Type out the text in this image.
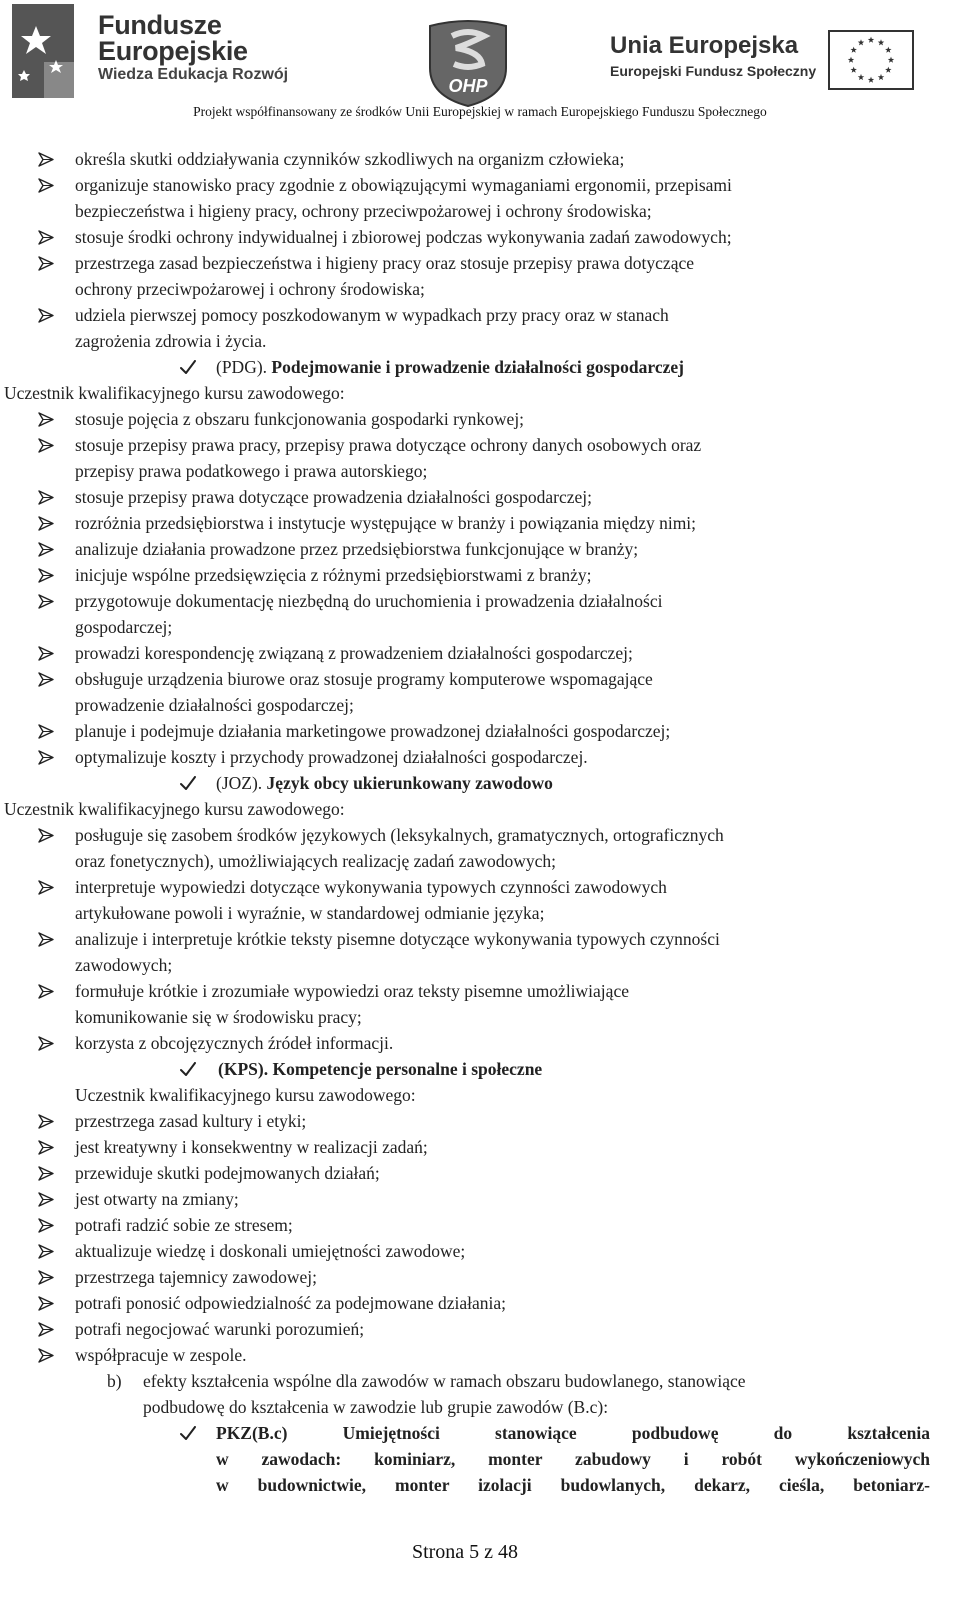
Fundusze
Europejskie
Wiedza Edukacja Rozwój
OHP
Unia Europejska
Europejski Fundusz Społeczny
Projekt współfinansowany ze środków Unii Europejskiej w ramach Europejskiego Funduszu Społecznego
określa skutki oddziaływania czynników szkodliwych na organizm człowieka;
organizuje stanowisko pracy zgodnie z obowiązującymi wymaganiami ergonomii, przepisami
bezpieczeństwa i higieny pracy, ochrony przeciwpożarowej i ochrony środowiska;
stosuje środki ochrony indywidualnej i zbiorowej podczas wykonywania zadań zawodowych;
przestrzega zasad bezpieczeństwa i higieny pracy oraz stosuje przepisy prawa dotyczące
ochrony przeciwpożarowej i ochrony środowiska;
udziela pierwszej pomocy poszkodowanym w wypadkach przy pracy oraz w stanach
zagrożenia zdrowia i życia.
(PDG). Podejmowanie i prowadzenie działalności gospodarczej
Uczestnik kwalifikacyjnego kursu zawodowego:
stosuje pojęcia z obszaru funkcjonowania gospodarki rynkowej;
stosuje przepisy prawa pracy, przepisy prawa dotyczące ochrony danych osobowych oraz
przepisy prawa podatkowego i prawa autorskiego;
stosuje przepisy prawa dotyczące prowadzenia działalności gospodarczej;
rozróżnia przedsiębiorstwa i instytucje występujące w branży i powiązania między nimi;
analizuje działania prowadzone przez przedsiębiorstwa funkcjonujące w branży;
inicjuje wspólne przedsięwzięcia z różnymi przedsiębiorstwami z branży;
przygotowuje dokumentację niezbędną do uruchomienia i prowadzenia działalności
gospodarczej;
prowadzi korespondencję związaną z prowadzeniem działalności gospodarczej;
obsługuje urządzenia biurowe oraz stosuje programy komputerowe wspomagające
prowadzenie działalności gospodarczej;
planuje i podejmuje działania marketingowe prowadzonej działalności gospodarczej;
optymalizuje koszty i przychody prowadzonej działalności gospodarczej.
(JOZ). Język obcy ukierunkowany zawodowo
Uczestnik kwalifikacyjnego kursu zawodowego:
posługuje się zasobem środków językowych (leksykalnych, gramatycznych, ortograficznych
oraz fonetycznych), umożliwiających realizację zadań zawodowych;
interpretuje wypowiedzi dotyczące wykonywania typowych czynności zawodowych
artykułowane powoli i wyraźnie, w standardowej odmianie języka;
analizuje i interpretuje krótkie teksty pisemne dotyczące wykonywania typowych czynności
zawodowych;
formułuje krótkie i zrozumiałe wypowiedzi oraz teksty pisemne umożliwiające
komunikowanie się w środowisku pracy;
korzysta z obcojęzycznych źródeł informacji.
(KPS). Kompetencje personalne i społeczne
Uczestnik kwalifikacyjnego kursu zawodowego:
przestrzega zasad kultury i etyki;
jest kreatywny i konsekwentny w realizacji zadań;
przewiduje skutki podejmowanych działań;
jest otwarty na zmiany;
potrafi radzić sobie ze stresem;
aktualizuje wiedzę i doskonali umiejętności zawodowe;
przestrzega tajemnicy zawodowej;
potrafi ponosić odpowiedzialność za podejmowane działania;
potrafi negocjować warunki porozumień;
współpracuje w zespole.
b) efekty kształcenia wspólne dla zawodów w ramach obszaru budowlanego, stanowiące
podbudowę do kształcenia w zawodzie lub grupie zawodów (B.c):
PKZ(B.c) Umiejętności stanowiące podbudowę do kształcenia
w zawodach: kominiarz, monter zabudowy i robót wykończeniowych
w budownictwie, monter izolacji budowlanych, dekarz, cieśla, betoniarz-
Strona 5 z 48
